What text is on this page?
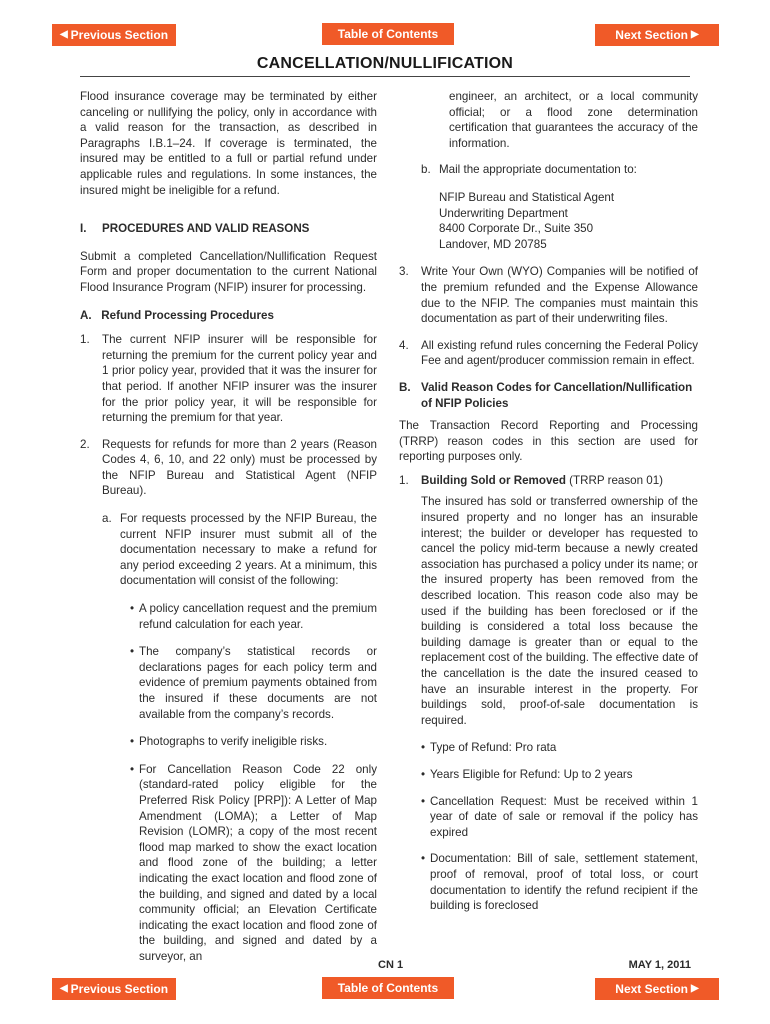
◀ Previous Section	Table of Contents	Next Section ▶
CANCELLATION/NULLIFICATION

Flood insurance coverage may be terminated by either canceling or nullifying the policy, only in accordance with a valid reason for the transaction, as described in Paragraphs I.B.1–24. If coverage is terminated, the insured may be entitled to a full or partial refund under applicable rules and regulations. In some instances, the insured might be ineligible for a refund.

I.	PROCEDURES AND VALID REASONS

Submit a completed Cancellation/Nullification Request Form and proper documentation to the current National Flood Insurance Program (NFIP) insurer for processing.

A.   Refund Processing Procedures

1.	The current NFIP insurer will be responsible for returning the premium for the current policy year and 1 prior policy year, provided that it was the insurer for that period. If another NFIP insurer was the insurer for the prior policy year, it will be responsible for returning the premium for that year.
2.	Requests for refunds for more than 2 years (Reason Codes 4, 6, 10, and 22 only) must be processed by the NFIP Bureau and Statistical Agent (NFIP Bureau).
a. For requests processed by the NFIP Bureau, the current NFIP insurer must submit all of the documentation necessary to make a refund for any period exceeding 2 years. At a minimum, this documentation will consist of the following:
• A policy cancellation request and the premium refund calculation for each year.
• The company’s statistical records or declarations pages for each policy term and evidence of premium payments obtained from the insured if these documents are not available from the company’s records.
• Photographs to verify ineligible risks.
• For Cancellation Reason Code 22 only (standard-rated policy eligible for the Preferred Risk Policy [PRP]): A Letter of Map Amendment (LOMA); a Letter of Map Revision (LOMR); a copy of the most recent flood map marked to show the exact location and flood zone of the building; a letter indicating the exact location and flood zone of the building, and signed and dated by a local community official; an Elevation Certificate indicating the exact location and flood zone of the building, and signed and dated by a surveyor, an
engineer, an architect, or a local community official; or a flood zone determination certification that guarantees the accuracy of the information.
b. Mail the appropriate documentation to:
NFIP Bureau and Statistical Agent
Underwriting Department
8400 Corporate Dr., Suite 350
Landover, MD 20785
3.	Write Your Own (WYO) Companies will be notified of the premium refunded and the Expense Allowance due to the NFIP. The companies must maintain this documentation as part of their underwriting files.
4.	All existing refund rules concerning the Federal Policy Fee and agent/producer commission remain in effect.
B. Valid Reason Codes for Cancellation/Nullification of NFIP Policies

The Transaction Record Reporting and Processing (TRRP) reason codes in this section are used for reporting purposes only.

1.	Building Sold or Removed (TRRP reason 01)

The insured has sold or transferred ownership of the insured property and no longer has an insurable interest; the builder or developer has requested to cancel the policy mid-term because a newly created association has purchased a policy under its name; or the insured property has been removed from the described location. This reason code also may be used if the building has been foreclosed or if the building is considered a total loss because the building damage is greater than or equal to the replacement cost of the building. The effective date of the cancellation is the date the insured ceased to have an insurable interest in the property. For buildings sold, proof-of-sale documentation is required.

• Type of Refund: Pro rata
• Years Eligible for Refund: Up to 2 years
• Cancellation Request: Must be received within 1 year of date of sale or removal if the policy has expired
• Documentation: Bill of sale, settlement statement, proof of removal, proof of total loss, or court documentation to identify the refund recipient if the building is foreclosed
CN 1	MAY 1, 2011
◀ Previous Section	Table of Contents	Next Section ▶
